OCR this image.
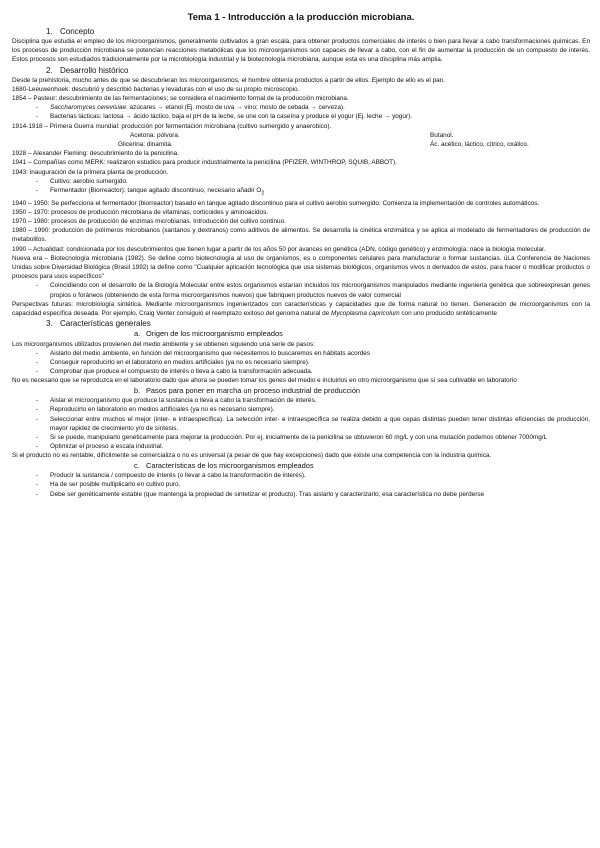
Tema 1 - Introducción a la producción microbiana.
1. Concepto

Disciplina que estudia el empleo de los microorganismos, generalmente cultivados a gran escala, para obtener productos comerciales de interés o bien para llevar a cabo transformaciones químicas. En los procesos de producción microbiana se potencian reacciones metabólicas que los microorganismos son capaces de llevar a cabo, con el fin de aumentar la producción de un compuesto de interés. Estos procesos son estudiados tradicionalmente por la microbiología industrial y la biotecnología microbiana, aunque esta es una disciplina más amplia.

2. Desarrollo histórico

Desde la prehistoria, mucho antes de que se descubrieran los microorganismos, el hombre obtenía productos a partir de ellos. Ejemplo de ello es el pan.

1680-Leeuwenhoek: descubrió y describió bacterias y levaduras con el uso de su propio microscopio.

1854 – Pasteur: descubrimiento de las fermentaciones; se considera el nacimiento formal de la producción microbiana.

- Saccharomyces cerevisiae: azúcares → etanol (Ej. mosto de uva → vino; mosto de cebada → cerveza).
- Bacterias lácticas: lactosa → ácido láctico, baja el pH de la leche, se une con la caseína y produce el yogur (Ej. leche → yogur).

1914-1918 – Primera Guerra mundial: producción por fermentación microbiana (cultivo sumergido y anaerobico).

Acetona: pólvora.	Butanol.
Glicerina: dinamita.	Ác. acético, láctico, cítrico, oxálico.

1928 – Alexander Fleming: descubrimiento de la penicilina.

1941 – Compañías como MERK: realizaron estudios para producir industrialmente la penicilina (PFIZER, WINTHROP, SQUIB, ABBOT).

1943: inauguración de la primera planta de producción.

- Cultivo: aerobio sumergido.
- Fermentador (Biorreactor): tanque agitado discontinuo, necesario añadir $O_2$

1940 – 1950: Se perfecciona el fermentador (biorreactor) basado en tanque agitado discontinuo para el cultivo aerobio sumergido. Comienza la implementación de controles automáticos.

1950 – 1970: procesos de producción microbiana de vitaminas, corticoides y aminoácidos.

1970 – 1980: procesos de producción de enzimas microbianas. Introducción del cultivo continuo.

1980 – 1990: producción de polímeros microbianos (xantanos y dextranos) como aditivos de alimentos. Se desarrolla la cinética enzimática y se aplica al modelado de fermentadores de producción de metabolitos.

1990 – Actualidad: condicionada por los descubrimientos que tienen lugar a partir de los años 50 por avances en genética (ADN, código genético) y enzimología: nace la biología molecular.

Nueva era – Biotecnología microbiana (1982). Se define como biotecnología al uso de organismos, es o componentes celulares para manufacturar o formar sustancias. üLa Conferencia de Naciones Unidas sobre Diversidad Biológica (Brasil 1992) la define como "Cualquier aplicación tecnológica que usa sistemas biológicos, organismos vivos o derivados de estos, para hacer o modificar productos o procesos para usos específicos"

- Coincidiendo con el desarrollo de la Biología Molecular entre estos organismos estarían incluidos los microorganismos manipulados mediante ingeniería genética que sobreexpresan genes propios o foráneos (obteniendo de esta forma microorganismos nuevos) que fabriquen productos nuevos de valor comercial

Perspectivas futuras: microbiología sintética. Mediante microorganismos ingenierizados con características y capacidades que de forma natural no tienen. Generación de microorganismos con la capacidad específica deseada. Por ejemplo, Craig Venter consiguió el reemplazo exitoso del genoma natural de Mycoplasma capricolum con uno producido sintéticamente

3. Características generales
a. Origen de los microorganismo empleados

Los microorganismos utilizados provienen del medio ambiente y se obtienen siguiendo una serie de pasos:

- Aislarlo del medio ambiente, en función del microorganismo que necesitemos lo buscaremos en hábitats acordes
- Conseguir reproducirlo en el laboratorio en medios artificiales (ya no es necesario siempre).
- Comprobar que produce el compuesto de interés o lleva a cabo la transformación adecuada.

No es necesario que se reproduzca en el laboratorio dado que ahora se pueden tomar los genes del medio e incluirlos en otro microorganismo que sí sea cultivable en laboratorio

b. Pasos para poner en marcha un proceso industrial de producción
- Aislar el microorganismo que produce la sustancia o lleva a cabo la transformación de interés.
- Reproducirlo en laboratorio en medios artificiales (ya no es necesario siempre).
- Seleccionar entre muchos el mejor (inter- e intraespecífica). La selección inter- e intraespecífica se realiza debido a que cepas distintas pueden tener distintas eficiencias de producción, mayor rapidez de crecimiento y/o de síntesis.
- Si se puede, manipularlo genéticamente para mejorar la producción. Por ej, inicialmente de la penicilina se obtuvieron 60 mg/L y con una mutación podemos obtener 7000mg/L
- Optimizar el proceso a escala industrial.

Si el producto no es rentable, difícilmente se comercializa o no es universal (a pesar de que hay excepciones) dado que existe una competencia con la industria química.

c. Características de los microorganismos empleados
- Producir la sustancia / compuesto de interés (o llevar a cabo la transformación de interés).
- Ha de ser posible multiplicarlo en cultivo puro.
- Debe ser genéticamente estable (que mantenga la propiedad de sintetizar el producto). Tras aislarlo y caracterizarlo, esa característica no debe perderse
